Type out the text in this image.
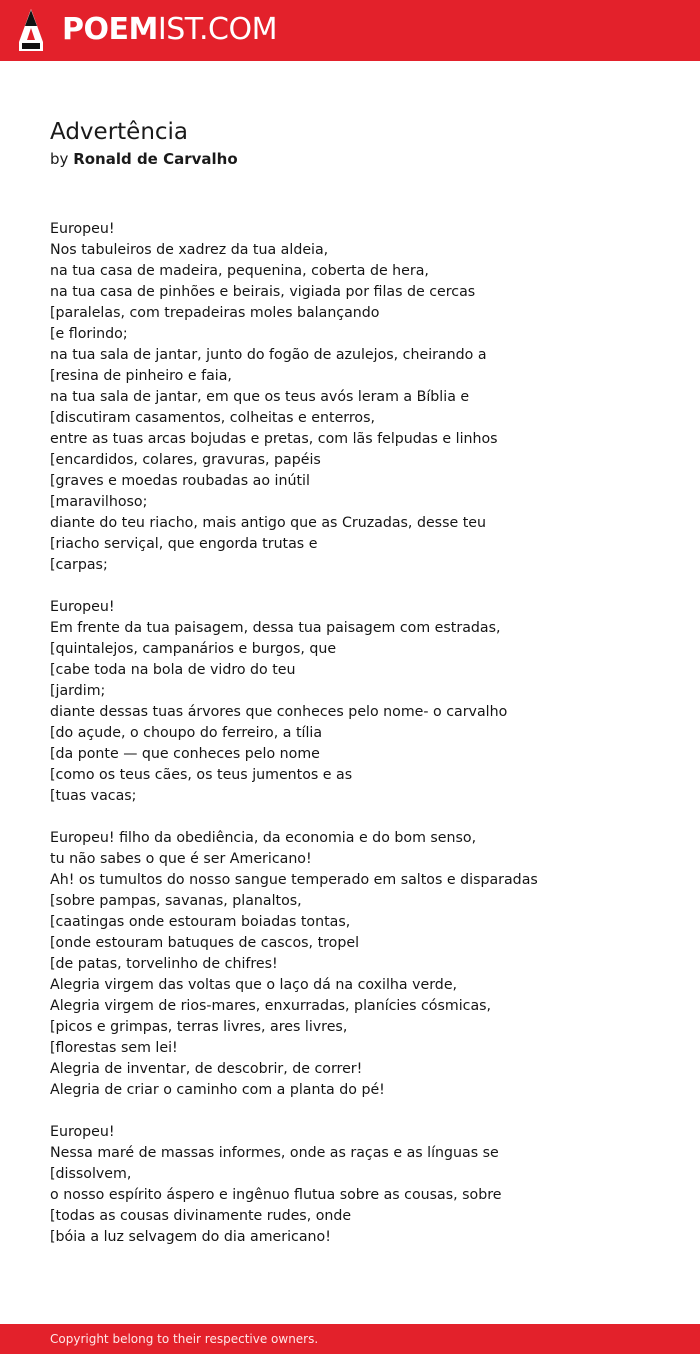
POEMIST.COM
Advertência
by Ronald de Carvalho
Europeu!
Nos tabuleiros de xadrez da tua aldeia,
na tua casa de madeira, pequenina, coberta de hera,
na tua casa de pinhões e beirais, vigiada por filas de cercas
[paralelas, com trepadeiras moles balançando
[e florindo;
na tua sala de jantar, junto do fogão de azulejos, cheirando a
[resina de pinheiro e faia,
na tua sala de jantar, em que os teus avós leram a Bíblia e
[discutiram casamentos, colheitas e enterros,
entre as tuas arcas bojudas e pretas, com lãs felpudas e linhos
[encardidos, colares, gravuras, papéis
[graves e moedas roubadas ao inútil
[maravilhoso;
diante do teu riacho, mais antigo que as Cruzadas, desse teu
[riacho serviçal, que engorda trutas e
[carpas;
Europeu!
Em frente da tua paisagem, dessa tua paisagem com estradas,
[quintalejos, campanários e burgos, que
[cabe toda na bola de vidro do teu
[jardim;
diante dessas tuas árvores que conheces pelo nome- o carvalho
[do açude, o choupo do ferreiro, a tília
[da ponte — que conheces pelo nome
[como os teus cães, os teus jumentos e as
[tuas vacas;
Europeu! filho da obediência, da economia e do bom senso,
tu não sabes o que é ser Americano!
Ah! os tumultos do nosso sangue temperado em saltos e disparadas
[sobre pampas, savanas, planaltos,
[caatingas onde estouram boiadas tontas,
[onde estouram batuques de cascos, tropel
[de patas, torvelinho de chifres!
Alegria virgem das voltas que o laço dá na coxilha verde,
Alegria virgem de rios-mares, enxurradas, planícies cósmicas,
[picos e grimpas, terras livres, ares livres,
[florestas sem lei!
Alegria de inventar, de descobrir, de correr!
Alegria de criar o caminho com a planta do pé!
Europeu!
Nessa maré de massas informes, onde as raças e as línguas se
[dissolvem,
o nosso espírito áspero e ingênuo flutua sobre as cousas, sobre
[todas as cousas divinamente rudes, onde
[bóia a luz selvagem do dia americano!
Copyright belong to their respective owners.
